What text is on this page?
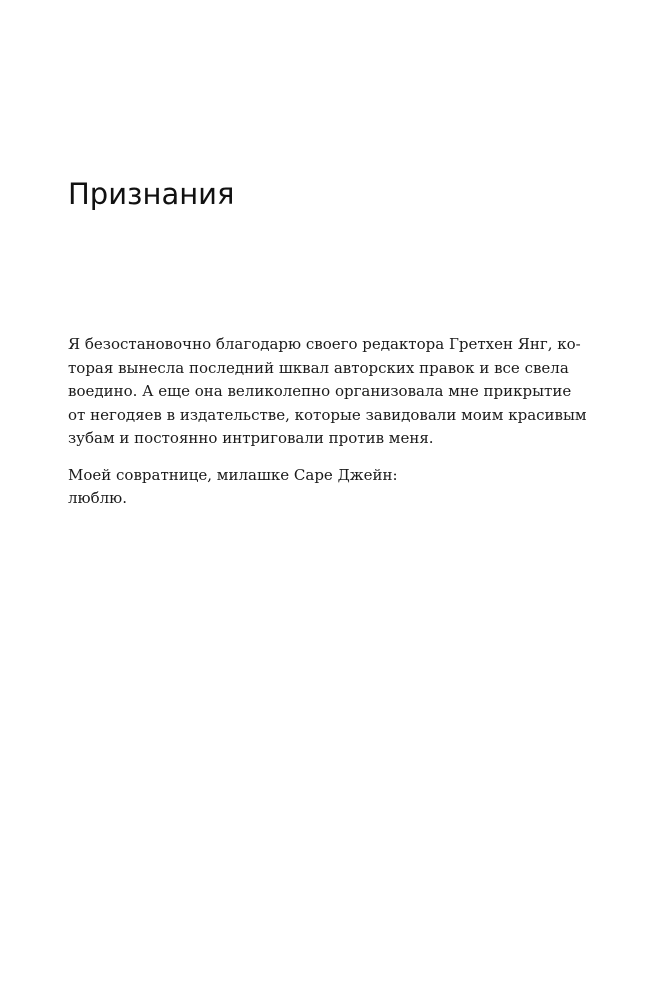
Признания

Я безостановочно благодарю своего редактора Гретхен Янг, ко-
торая вынесла последний шквал авторских правок и все свела
воедино. А еще она великолепно организовала мне прикрытие
от негодяев в издательстве, которые завидовали моим красивым
зубам и постоянно интриговали против меня.

Моей совратнице, милашке Саре Джейн:
люблю.
